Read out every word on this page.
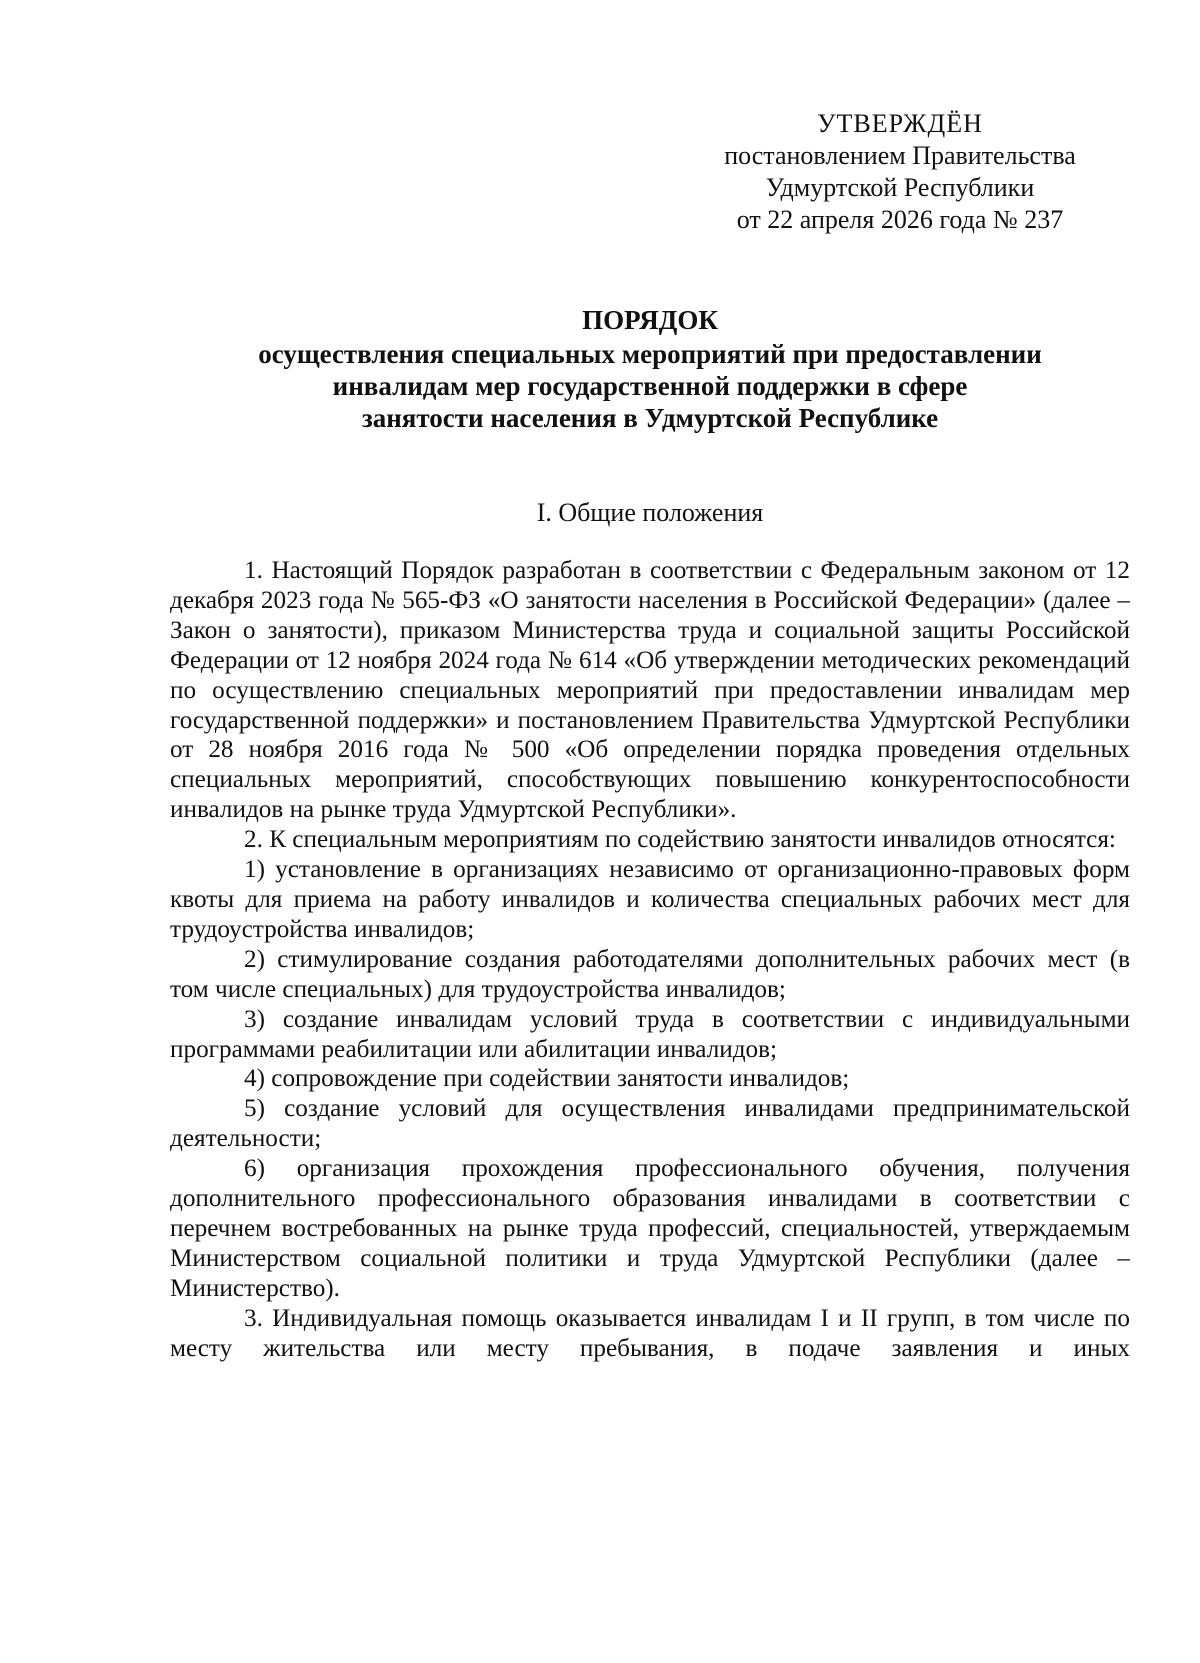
УТВЕРЖДЁН
постановлением Правительства
Удмуртской Республики
от 22 апреля 2026 года № 237
ПОРЯДОК
осуществления специальных мероприятий при предоставлении
инвалидам мер государственной поддержки в сфере
занятости населения в Удмуртской Республике
I. Общие положения

1. Настоящий Порядок разработан в соответствии с Федеральным законом от 12 декабря 2023 года № 565-ФЗ «О занятости населения в Российской Федерации» (далее – Закон о занятости), приказом Министерства труда и социальной защиты Российской Федерации от 12 ноября 2024 года № 614 «Об утверждении методических рекомендаций по осуществлению специальных мероприятий при предоставлении инвалидам мер государственной поддержки» и постановлением Правительства Удмуртской Республики от 28 ноября 2016 года № 500 «Об определении порядка проведения отдельных специальных мероприятий, способствующих повышению конкурентоспособности инвалидов на рынке труда Удмуртской Республики».

2. К специальным мероприятиям по содействию занятости инвалидов относятся:

1) установление в организациях независимо от организационно-правовых форм квоты для приема на работу инвалидов и количества специальных рабочих мест для трудоустройства инвалидов;

2) стимулирование создания работодателями дополнительных рабочих мест (в том числе специальных) для трудоустройства инвалидов;

3) создание инвалидам условий труда в соответствии с индивидуальными программами реабилитации или абилитации инвалидов;

4) сопровождение при содействии занятости инвалидов;

5) создание условий для осуществления инвалидами предпринимательской деятельности;

6) организация прохождения профессионального обучения, получения дополнительного профессионального образования инвалидами в соответствии с перечнем востребованных на рынке труда профессий, специальностей, утверждаемым Министерством социальной политики и труда Удмуртской Республики (далее – Министерство).

3. Индивидуальная помощь оказывается инвалидам I и II групп, в том числе по месту жительства или месту пребывания, в подаче заявления и иных
